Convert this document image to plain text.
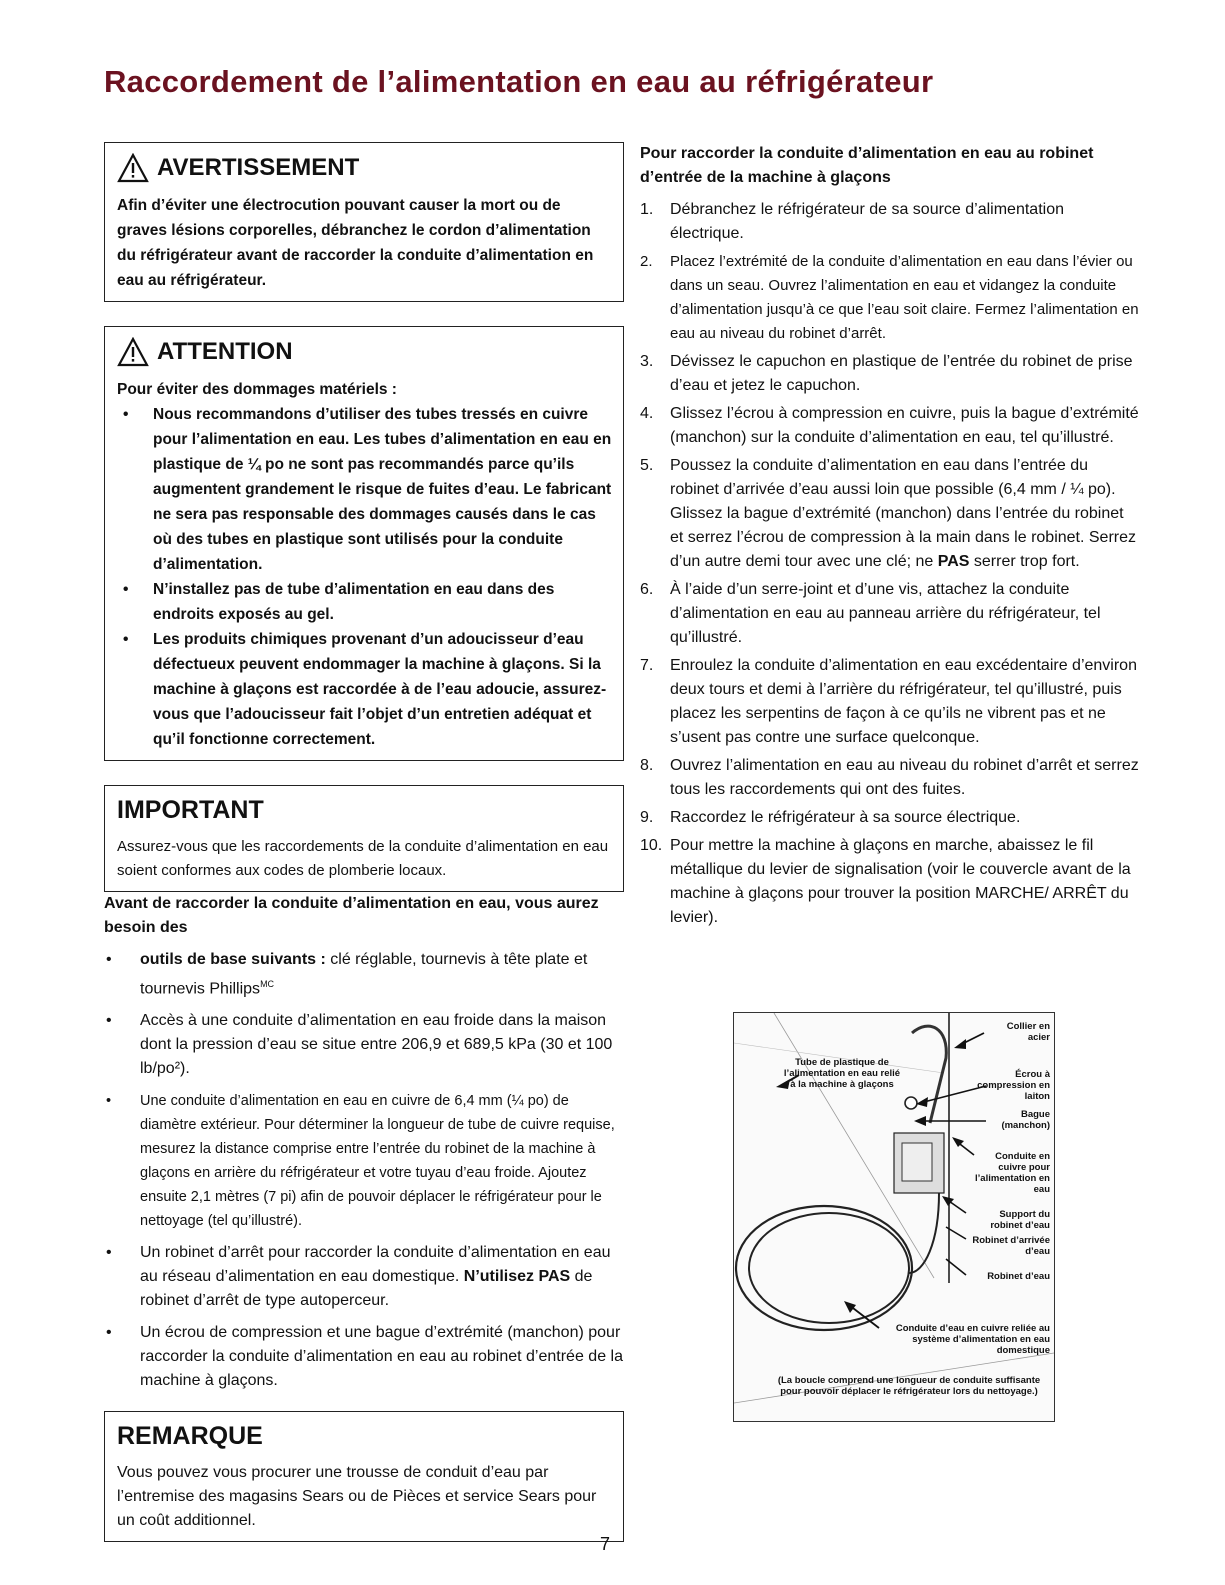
Raccordement de l’alimentation en eau au réfrigérateur
AVERTISSEMENT
Afin d’éviter une électrocution pouvant causer la mort ou de graves lésions corporelles, débranchez le cordon d’alimentation du réfrigérateur avant de raccorder la conduite d’alimentation en eau au réfrigérateur.
ATTENTION
Pour éviter des dommages matériels :
• Nous recommandons d’utiliser des tubes tressés en cuivre pour l’alimentation en eau. Les tubes d’alimentation en eau en plastique de ¼ po ne sont pas recommandés parce qu’ils augmentent grandement le risque de fuites d’eau. Le fabricant ne sera pas responsable des dommages causés dans le cas où des tubes en plastique sont utilisés pour la conduite d’alimentation.
• N’installez pas de tube d’alimentation en eau dans des endroits exposés au gel.
• Les produits chimiques provenant d’un adoucisseur d’eau défectueux peuvent endommager la machine à glaçons. Si la machine à glaçons est raccordée à de l’eau adoucie, assurez-vous que l’adoucisseur fait l’objet d’un entretien adéquat et qu’il fonctionne correctement.
IMPORTANT
Assurez-vous que les raccordements de la conduite d’alimentation en eau soient conformes aux codes de plomberie locaux.
Avant de raccorder la conduite d’alimentation en eau, vous aurez besoin des
• outils de base suivants : clé réglable, tournevis à tête plate et tournevis Phillips$^{MC}$
• Accès à une conduite d’alimentation en eau froide dans la maison dont la pression d’eau se situe entre 206,9 et 689,5 kPa (30 et 100 lb/po²).
• Une conduite d’alimentation en eau en cuivre de 6,4 mm (¼ po) de diamètre extérieur. Pour déterminer la longueur de tube de cuivre requise, mesurez la distance comprise entre l’entrée du robinet de la machine à glaçons en arrière du réfrigérateur et votre tuyau d’eau froide. Ajoutez ensuite 2,1 mètres (7 pi) afin de pouvoir déplacer le réfrigérateur pour le nettoyage (tel qu’illustré).
• Un robinet d’arrêt pour raccorder la conduite d’alimentation en eau au réseau d’alimentation en eau domestique. N’utilisez PAS de robinet d’arrêt de type autoperceur.
• Un écrou de compression et une bague d’extrémité (manchon) pour raccorder la conduite d’alimentation en eau au robinet d’entrée de la machine à glaçons.
REMARQUE
Vous pouvez vous procurer une trousse de conduit d’eau par l’entremise des magasins Sears ou de Pièces et service Sears pour un coût additionnel.
Pour raccorder la conduite d’alimentation en eau au robinet d’entrée de la machine à glaçons
1. Débranchez le réfrigérateur de sa source d’alimentation électrique.
2. Placez l’extrémité de la conduite d’alimentation en eau dans l’évier ou dans un seau. Ouvrez l’alimentation en eau et vidangez la conduite d’alimentation jusqu’à ce que l’eau soit claire. Fermez l’alimentation en eau au niveau du robinet d’arrêt.
3. Dévissez le capuchon en plastique de l’entrée du robinet de prise d’eau et jetez le capuchon.
4. Glissez l’écrou à compression en cuivre, puis la bague d’extrémité (manchon) sur la conduite d’alimentation en eau, tel qu’illustré.
5. Poussez la conduite d’alimentation en eau dans l’entrée du robinet d’arrivée d’eau aussi loin que possible (6,4 mm / ¼ po). Glissez la bague d’extrémité (manchon) dans l’entrée du robinet et serrez l’écrou de compression à la main dans le robinet. Serrez d’un autre demi tour avec une clé; ne PAS serrer trop fort.
6. À l’aide d’un serre-joint et d’une vis, attachez la conduite d’alimentation en eau au panneau arrière du réfrigérateur, tel qu’illustré.
7. Enroulez la conduite d’alimentation en eau excédentaire d’environ deux tours et demi à l’arrière du réfrigérateur, tel qu’illustré, puis placez les serpentins de façon à ce qu’ils ne vibrent pas et ne s’usent pas contre une surface quelconque.
8. Ouvrez l’alimentation en eau au niveau du robinet d’arrêt et serrez tous les raccordements qui ont des fuites.
9. Raccordez le réfrigérateur à sa source électrique.
10. Pour mettre la machine à glaçons en marche, abaissez le fil métallique du levier de signalisation (voir le couvercle avant de la machine à glaçons pour trouver la position MARCHE/ ARRÊT du levier).
Tube de plastique de l’alimentation en eau relié à la machine à glaçons
Collier en acier
Écrou à compression en laiton
Bague (manchon)
Conduite en cuivre pour l’alimentation en eau
Support du robinet d’eau
Robinet d’arrivée d’eau
Robinet d’eau
Conduite d’eau en cuivre reliée au système d’alimentation en eau domestique
(La boucle comprend une longueur de conduite suffisante pour pouvoir déplacer le réfrigérateur lors du nettoyage.)
7
